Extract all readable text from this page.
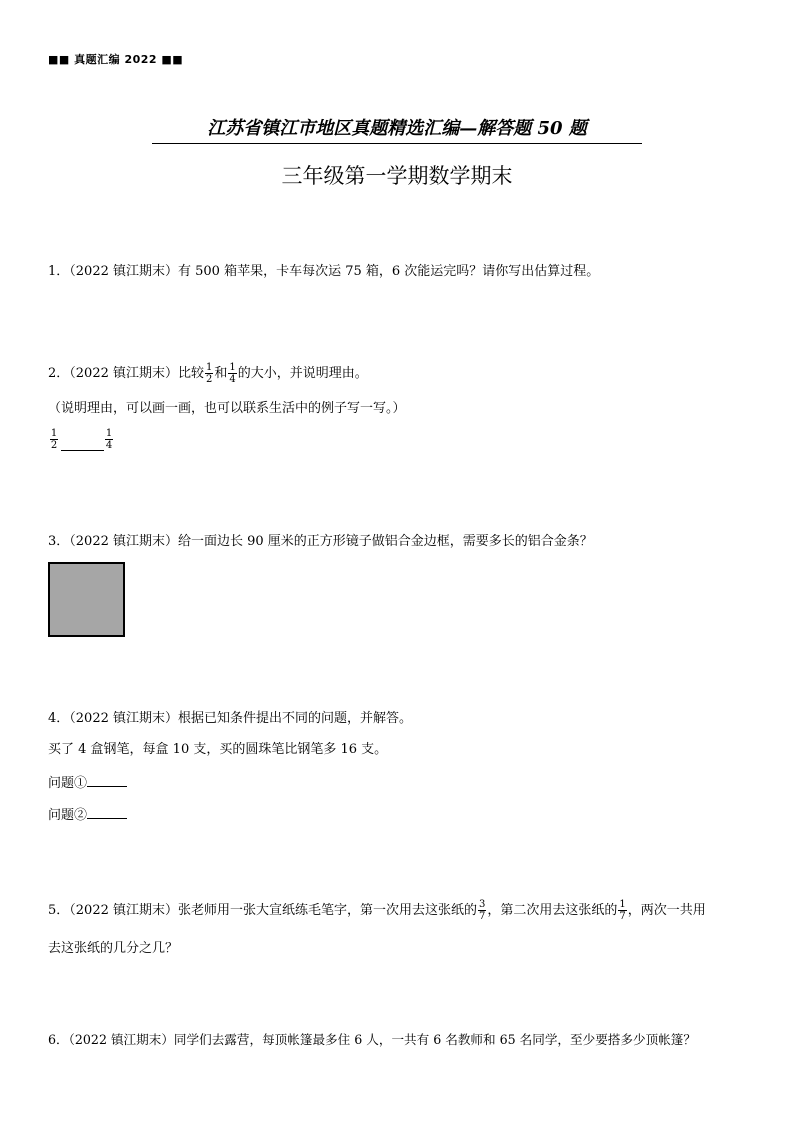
■■ 真题汇编 2022 ■■
江苏省镇江市地区真题精选汇编—解答题 50 题
三年级第一学期数学期末
1．（2022 镇江期末）有 500 箱苹果，卡车每次运 75 箱，6 次能运完吗？请你写出估算过程。
2．（2022 镇江期末）比较 $\frac{1}{2}$ 和 $\frac{1}{4}$ 的大小，并说明理由。
（说明理由，可以画一画，也可以联系生活中的例子写一写。）
1
2
1
4
3．（2022 镇江期末）给一面边长 90 厘米的正方形镜子做铝合金边框，需要多长的铝合金条？
4．（2022 镇江期末）根据已知条件提出不同的问题，并解答。
买了 4 盒钢笔，每盒 10 支，买的圆珠笔比钢笔多 16 支。
问题①
问题②
5．（2022 镇江期末）张老师用一张大宣纸练毛笔字，第一次用去这张纸的 $\frac{3}{7}$ ，第二次用去这张纸的 $\frac{1}{7}$ ，两次一共用
去这张纸的几分之几？
6．（2022 镇江期末）同学们去露营，每顶帐篷最多住 6 人，一共有 6 名教师和 65 名同学，至少要搭多少顶帐篷？
